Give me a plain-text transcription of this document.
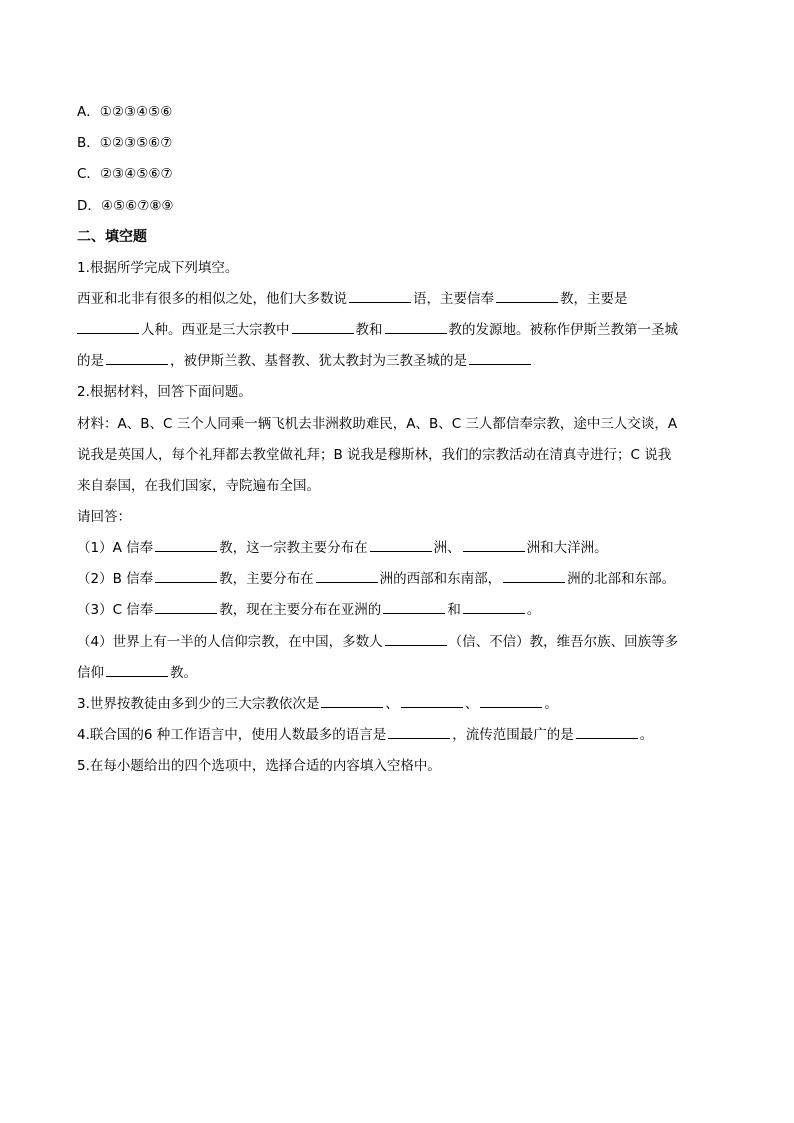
A．①②③④⑤⑥
B．①②③⑤⑥⑦
C．②③④⑤⑥⑦
D．④⑤⑥⑦⑧⑨
二、填空题
1.根据所学完成下列填空。
西亚和北非有很多的相似之处，他们大多数说	语，主要信奉	教，主要是
人种。西亚是三大宗教中	教和	教的发源地。被称作伊斯兰教第一圣城
的是	，被伊斯兰教、基督教、犹太教封为三教圣城的是
2.根据材料，回答下面问题。
材料：A、B、C 三个人同乘一辆飞机去非洲救助难民，A、B、C 三人都信奉宗教，途中三人交谈，A
说我是英国人，每个礼拜都去教堂做礼拜；B 说我是穆斯林，我们的宗教活动在清真寺进行；C 说我
来自泰国，在我们国家，寺院遍布全国。
请回答：
（1）A 信奉	教，这一宗教主要分布在	洲、	洲和大洋洲。
（2）B 信奉	教，主要分布在	洲的西部和东南部，	洲的北部和东部。
（3）C 信奉	教，现在主要分布在亚洲的	和	。
（4）世界上有一半的人信仰宗教，在中国，多数人	（信、不信）教，维吾尔族、回族等多
信仰	教。
3.世界按教徒由多到少的三大宗教依次是	、	、	。
4.联合国的6 种工作语言中，使用人数最多的语言是	，流传范围最广的是	。
5.在每小题给出的四个选项中，选择合适的内容填入空格中。
